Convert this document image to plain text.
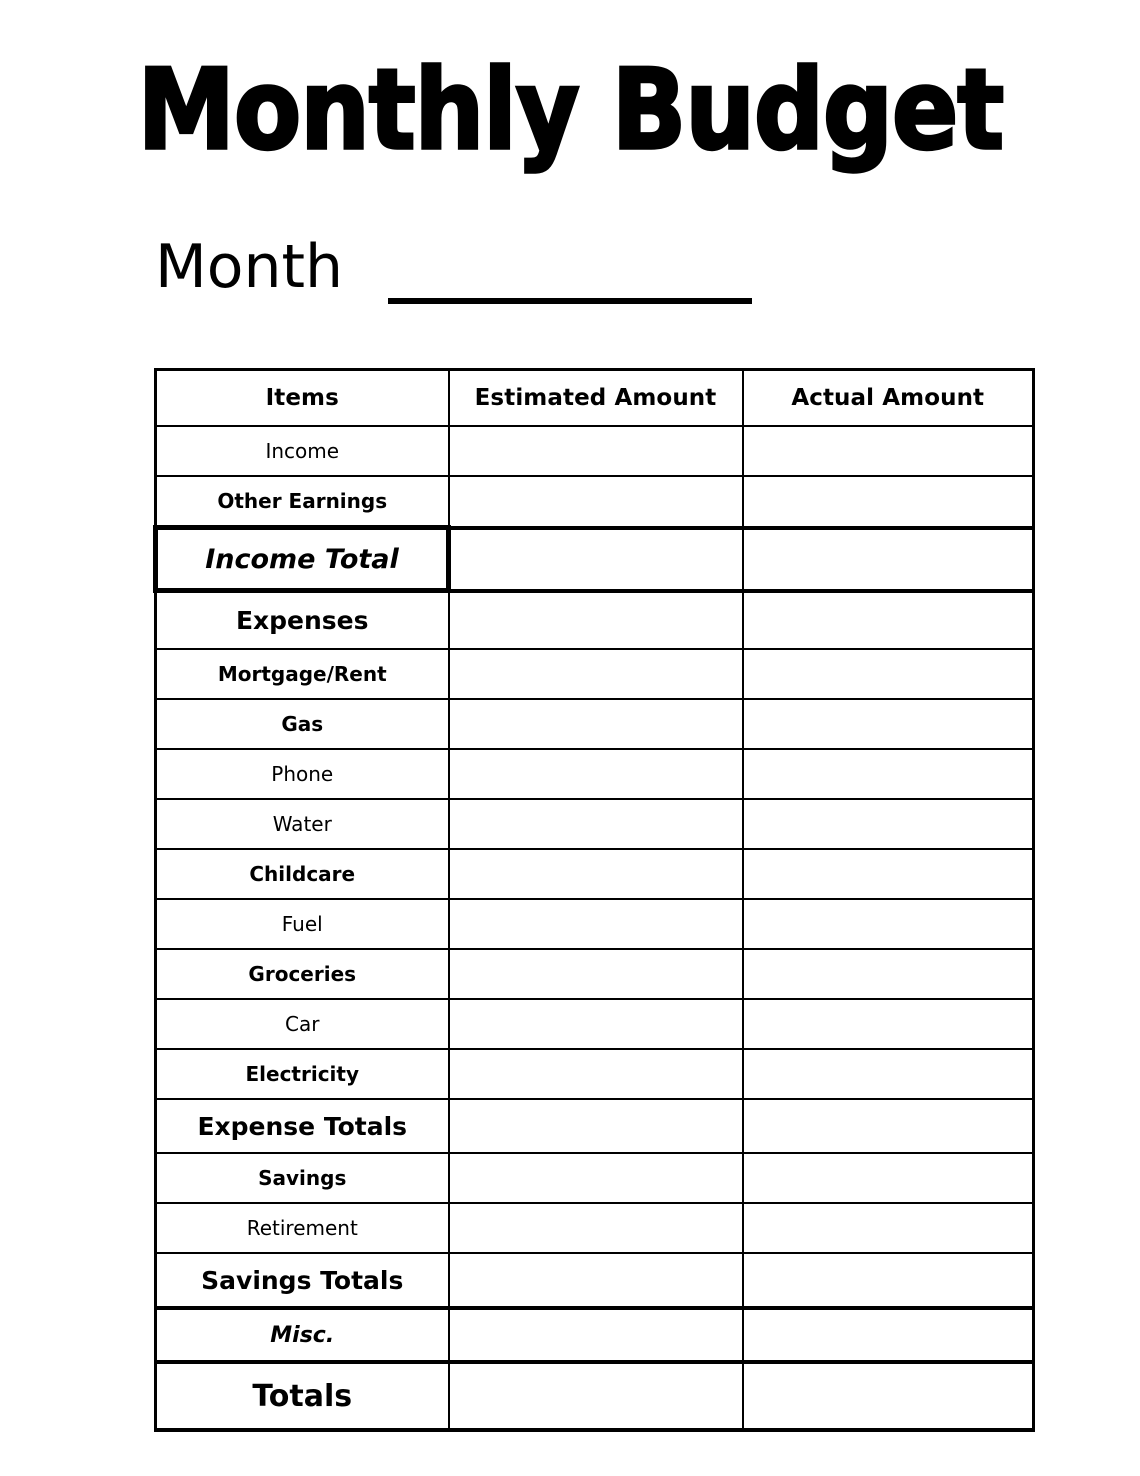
Monthly Budget
Month
Items	Estimated Amount	Actual Amount
Income		
Other Earnings		
Income Total		
Expenses		
Mortgage/Rent		
Gas		
Phone		
Water		
Childcare		
Fuel		
Groceries		
Car		
Electricity		
Expense Totals		
Savings		
Retirement		
Savings Totals		
Misc.		
Totals		
